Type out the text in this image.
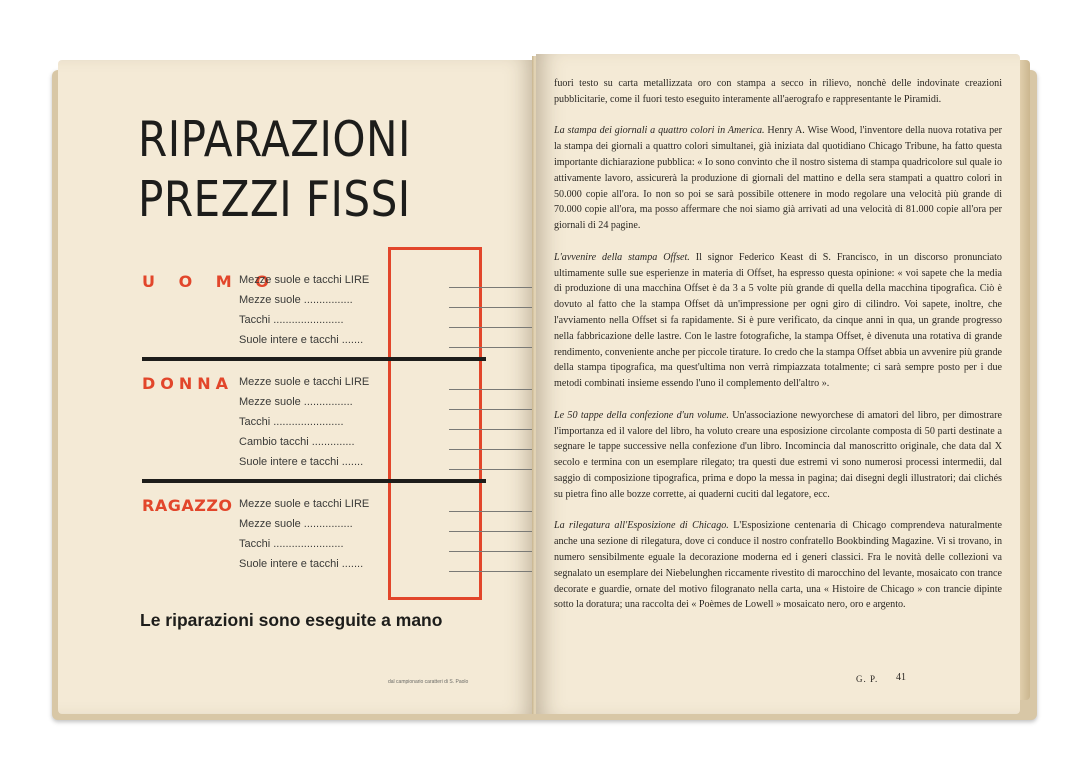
RIPARAZIONI
PREZZI FISSI
U O M O
Mezze suole e tacchi LIRE
Mezze suole ................
Tacchi .......................
Suole intere e tacchi .......
DONNA Mezze suole e tacchi LIRE
Mezze suole ................
Tacchi .......................
Cambio tacchi ..............
Suole intere e tacchi .......
RAGAZZO Mezze suole e tacchi LIRE
Mezze suole ................
Tacchi .......................
Suole intere e tacchi .......

Le riparazioni sono eseguite a mano

dal campionario caratteri di S. Paolo

fuori testo su carta metallizzata oro con stampa a secco in rilievo, nonchè delle indovinate creazioni pubblicitarie, come il fuori testo eseguito interamente all'aerografo e rappresentante le Piramidi.

La stampa dei giornali a quattro colori in America. Henry A. Wise Wood, l'inventore della nuova rotativa per la stampa dei giornali a quattro colori simultanei, già iniziata dal quotidiano Chicago Tribune, ha fatto questa importante dichiarazione pubblica: « Io sono convinto che il nostro sistema di stampa quadricolore sul quale io attivamente lavoro, assicurerà la produzione di giornali del mattino e della sera stampati a quattro colori in 50.000 copie all'ora. Io non so poi se sarà possibile ottenere in modo regolare una velocità più grande di 70.000 copie all'ora, ma posso affermare che noi siamo già arrivati ad una velocità di 81.000 copie all'ora per giornali di 24 pagine.

L'avvenire della stampa Offset. Il signor Federico Keast di S. Francisco, in un discorso pronunciato ultimamente sulle sue esperienze in materia di Offset, ha espresso questa opinione: « voi sapete che la media di produzione di una macchina Offset è da 3 a 5 volte più grande di quella della macchina tipografica. Ciò è dovuto al fatto che la stampa Offset dà un'impressione per ogni giro di cilindro. Voi sapete, inoltre, che l'avviamento nella Offset si fa rapidamente. Si è pure verificato, da cinque anni in qua, un grande progresso nella fabbricazione delle lastre. Con le lastre fotografiche, la stampa Offset, è divenuta una rotativa di grande rendimento, conveniente anche per piccole tirature. Io credo che la stampa Offset abbia un avvenire più grande della stampa tipografica, ma quest'ultima non verrà rimpiazzata totalmente; ci sarà sempre posto per i due metodi combinati insieme essendo l'uno il complemento dell'altro ».

Le 50 tappe della confezione d'un volume. Un'associazione newyorchese di amatori del libro, per dimostrare l'importanza ed il valore del libro, ha voluto creare una esposizione circolante composta di 50 parti destinate a segnare le tappe successive nella confezione d'un libro. Incomincia dal manoscritto originale, che data dal X secolo e termina con un esemplare rilegato; tra questi due estremi vi sono numerosi processi intermedii, dal saggio di composizione tipografica, prima e dopo la messa in pagina; dai disegni degli illustratori; dai clichés su pietra fino alle bozze corrette, ai quaderni cuciti dal legatore, ecc.

La rilegatura all'Esposizione di Chicago. L'Esposizione centenaria di Chicago comprendeva naturalmente anche una sezione di rilegatura, dove ci conduce il nostro confratello Bookbinding Magazine. Vi si trovano, in numero sensibilmente eguale la decorazione moderna ed i generi classici. Fra le novità delle collezioni va segnalato un esemplare dei Niebelunghen riccamente rivestito di marocchino del levante, mosaicato con trance decorate e guardie, ornate del motivo filogranato nella carta, una « Histoire de Chicago » con trancie dipinte sotto la doratura; una raccolta dei « Poèmes de Lowell » mosaicato nero, oro e argento.

G. P. 41
